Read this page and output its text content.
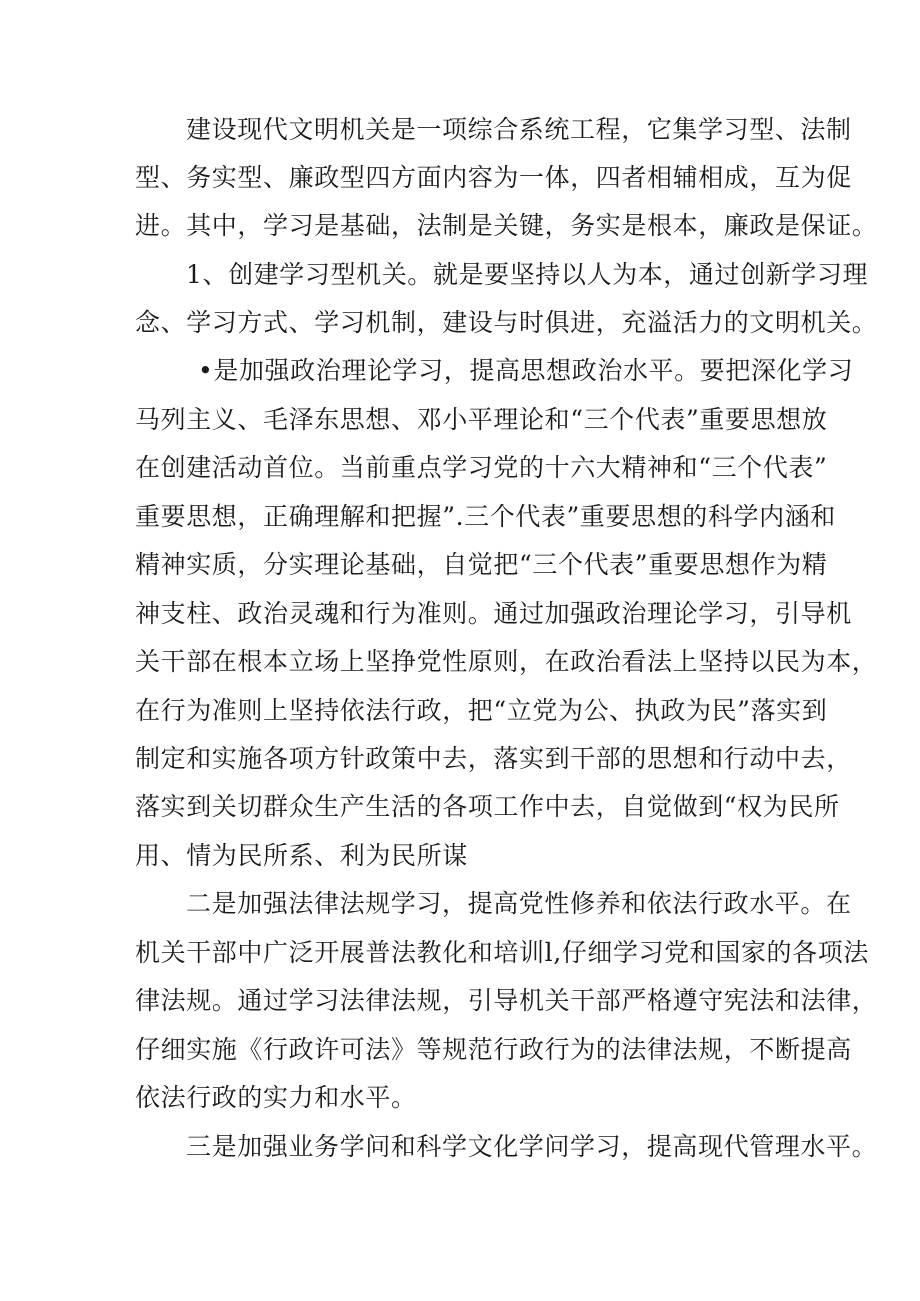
建设现代文明机关是一项综合系统工程，它集学习型、法制
型、务实型、廉政型四方面内容为一体，四者相辅相成，互为促
进。其中，学习是基础，法制是关键，务实是根本，廉政是保证。
1、创建学习型机关。就是要坚持以人为本，通过创新学习理
念、学习方式、学习机制，建设与时俱进，充溢活力的文明机关。
•是加强政治理论学习，提高思想政治水平。要把深化学习
马列主义、毛泽东思想、邓小平理论和“三个代表”重要思想放
在创建活动首位。当前重点学习党的十六大精神和“三个代表”
重要思想，正确理解和把握”.三个代表”重要思想的科学内涵和
精神实质，分实理论基础，自觉把“三个代表”重要思想作为精
神支柱、政治灵魂和行为准则。通过加强政治理论学习，引导机
关干部在根本立场上坚挣党性原则，在政治看法上坚持以民为本，
在行为准则上坚持依法行政，把“立党为公、执政为民”落实到
制定和实施各项方针政策中去，落实到干部的思想和行动中去，
落实到关切群众生产生活的各项工作中去，自觉做到“权为民所
用、情为民所系、利为民所谋
二是加强法律法规学习，提高党性修养和依法行政水平。在
机关干部中广泛开展普法教化和培训l,仔细学习党和国家的各项法
律法规。通过学习法律法规，引导机关干部严格遵守宪法和法律，
仔细实施《行政许可法》等规范行政行为的法律法规，不断提高
依法行政的实力和水平。
三是加强业务学问和科学文化学问学习，提高现代管理水平。
